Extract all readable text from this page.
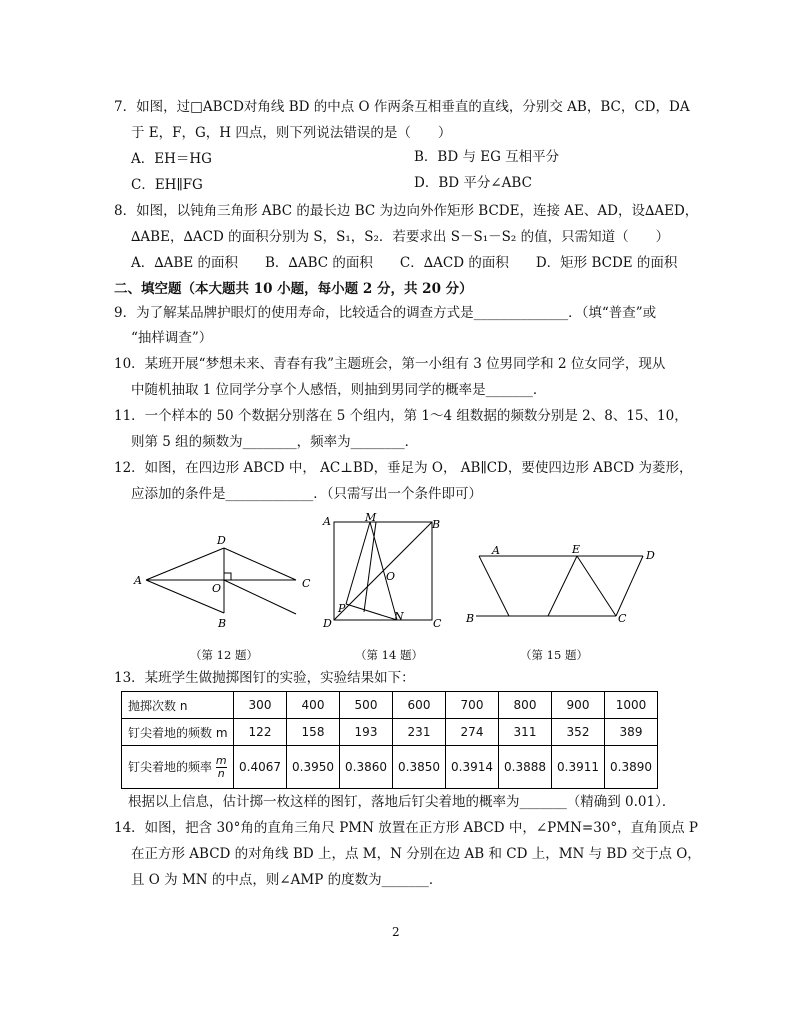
7．如图，过□ABCD对角线 BD 的中点 O 作两条互相垂直的直线，分别交 AB，BC，CD，DA
于 E，F，G，H 四点，则下列说法错误的是（　　）
A．EH＝HG	B．BD 与 EG 互相平分
C．EH∥FG	D．BD 平分∠ABC
8．如图，以钝角三角形 ABC 的最长边 BC 为边向外作矩形 BCDE，连接 AE、AD，设∆AED，
∆ABE，∆ACD 的面积分别为 S，S₁，S₂．若要求出 S－S₁－S₂ 的值，只需知道（　　）
A．∆ABE 的面积　　B．∆ABC 的面积　　C．∆ACD 的面积　　D．矩形 BCDE 的面积
二、填空题（本大题共 10 小题，每小题 2 分，共 20 分）
9．为了解某品牌护眼灯的使用寿命，比较适合的调查方式是______________．（填“普查”或
“抽样调查”）
10．某班开展“梦想未来、青春有我”主题班会，第一小组有 3 位男同学和 2 位女同学，现从
中随机抽取 1 位同学分享个人感悟，则抽到男同学的概率是_______．
11．一个样本的 50 个数据分别落在 5 个组内，第 1～4 组数据的频数分别是 2、8、15、10，
则第 5 组的频数为________，频率为________．
12．如图，在四边形 ABCD 中， AC⊥BD，垂足为 O， AB∥CD，要使四边形 ABCD 为菱形，
应添加的条件是_____________．（只需写出一个条件即可）
A
D
C
O
B
（第 12 题）
A	M
B
O
P
N
D	C
（第 14 题）
A	E	D
B	C
（第 15 题）
13．某班学生做抛掷图钉的实验，实验结果如下：
抛掷次数 n	300	400	500	600	700	800	900	1000
钉尖着地的频数 m	122	158	193	231	274	311	352	389
钉尖着地的频率 $\frac{m}{n}$	0.4067	0.3950	0.3860	0.3850	0.3914	0.3888	0.3911	0.3890
根据以上信息，估计掷一枚这样的图钉，落地后钉尖着地的概率为_______（精确到 0.01）．
14．如图，把含 30°角的直角三角尺 PMN 放置在正方形 ABCD 中，∠PMN=30°，直角顶点 P
在正方形 ABCD 的对角线 BD 上，点 M，N 分别在边 AB 和 CD 上，MN 与 BD 交于点 O，
且 O 为 MN 的中点，则∠AMP 的度数为_______．
2
